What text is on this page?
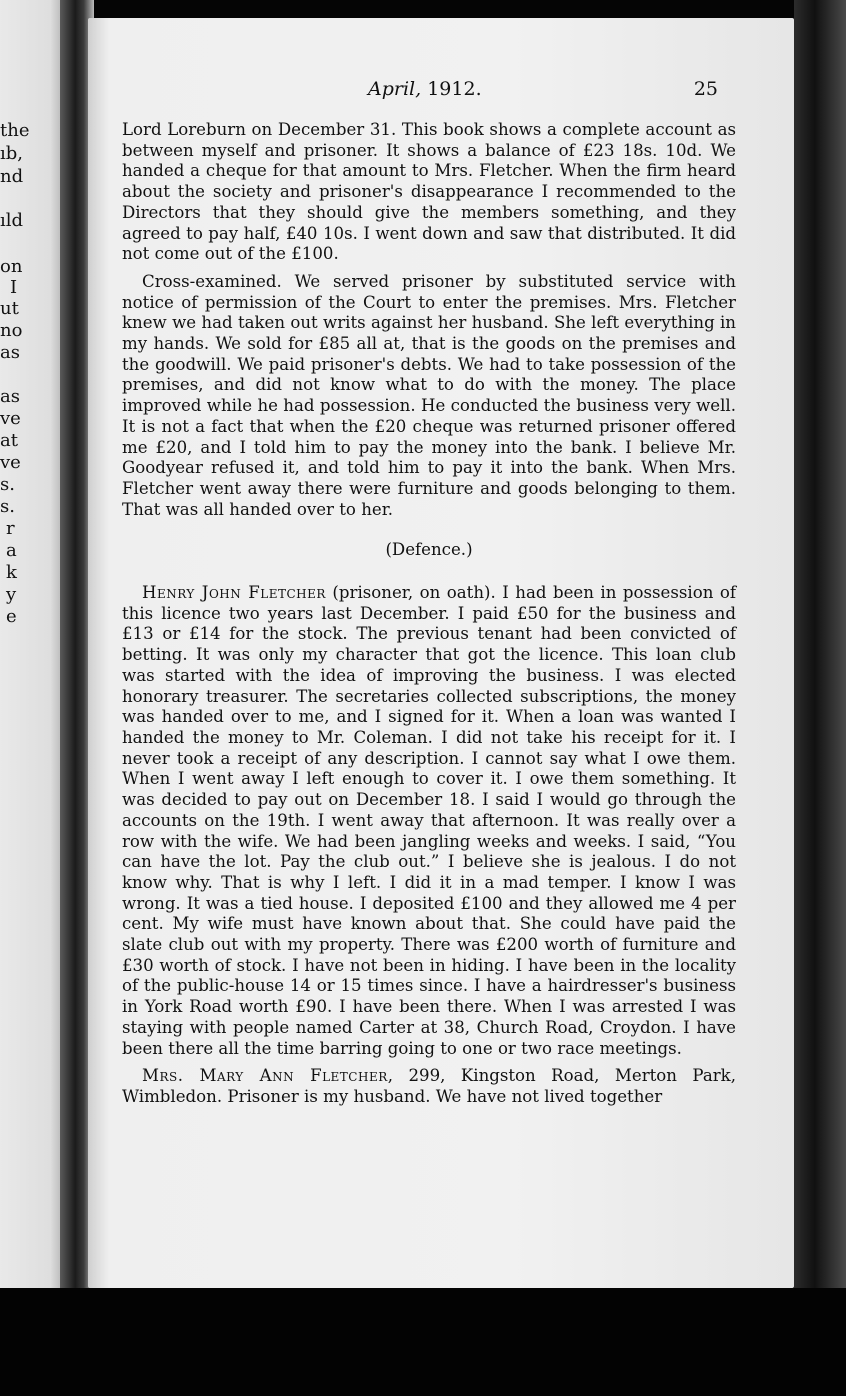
the
ıb,
nd
ıld
on
I
ut
no
as
as
ve
at
ve
s.
s.
r
a
k
y
e
April, 1912.	25

Lord Loreburn on December 31. This book shows a complete account as between myself and prisoner. It shows a balance of £23 18s. 10d. We handed a cheque for that amount to Mrs. Fletcher. When the firm heard about the society and prisoner's disappearance I recommended to the Directors that they should give the members something, and they agreed to pay half, £40 10s. I went down and saw that distributed. It did not come out of the £100.

Cross-examined. We served prisoner by substituted service with notice of permission of the Court to enter the premises. Mrs. Fletcher knew we had taken out writs against her husband. She left everything in my hands. We sold for £85 all at, that is the goods on the premises and the goodwill. We paid prisoner's debts. We had to take possession of the premises, and did not know what to do with the money. The place improved while he had possession. He conducted the business very well. It is not a fact that when the £20 cheque was returned prisoner offered me £20, and I told him to pay the money into the bank. I believe Mr. Goodyear refused it, and told him to pay it into the bank. When Mrs. Fletcher went away there were furniture and goods belonging to them. That was all handed over to her.

(Defence.)

Henry John Fletcher (prisoner, on oath). I had been in possession of this licence two years last December. I paid £50 for the business and £13 or £14 for the stock. The previous tenant had been convicted of betting. It was only my character that got the licence. This loan club was started with the idea of improving the business. I was elected honorary treasurer. The secretaries collected subscriptions, the money was handed over to me, and I signed for it. When a loan was wanted I handed the money to Mr. Coleman. I did not take his receipt for it. I never took a receipt of any description. I cannot say what I owe them. When I went away I left enough to cover it. I owe them something. It was decided to pay out on December 18. I said I would go through the accounts on the 19th. I went away that afternoon. It was really over a row with the wife. We had been jangling weeks and weeks. I said, “You can have the lot. Pay the club out.” I believe she is jealous. I do not know why. That is why I left. I did it in a mad temper. I know I was wrong. It was a tied house. I deposited £100 and they allowed me 4 per cent. My wife must have known about that. She could have paid the slate club out with my property. There was £200 worth of furniture and £30 worth of stock. I have not been in hiding. I have been in the locality of the public-house 14 or 15 times since. I have a hairdresser's business in York Road worth £90. I have been there. When I was arrested I was staying with people named Carter at 38, Church Road, Croydon. I have been there all the time barring going to one or two race meetings.

Mrs. Mary Ann Fletcher, 299, Kingston Road, Merton Park, Wimbledon. Prisoner is my husband. We have not lived together
